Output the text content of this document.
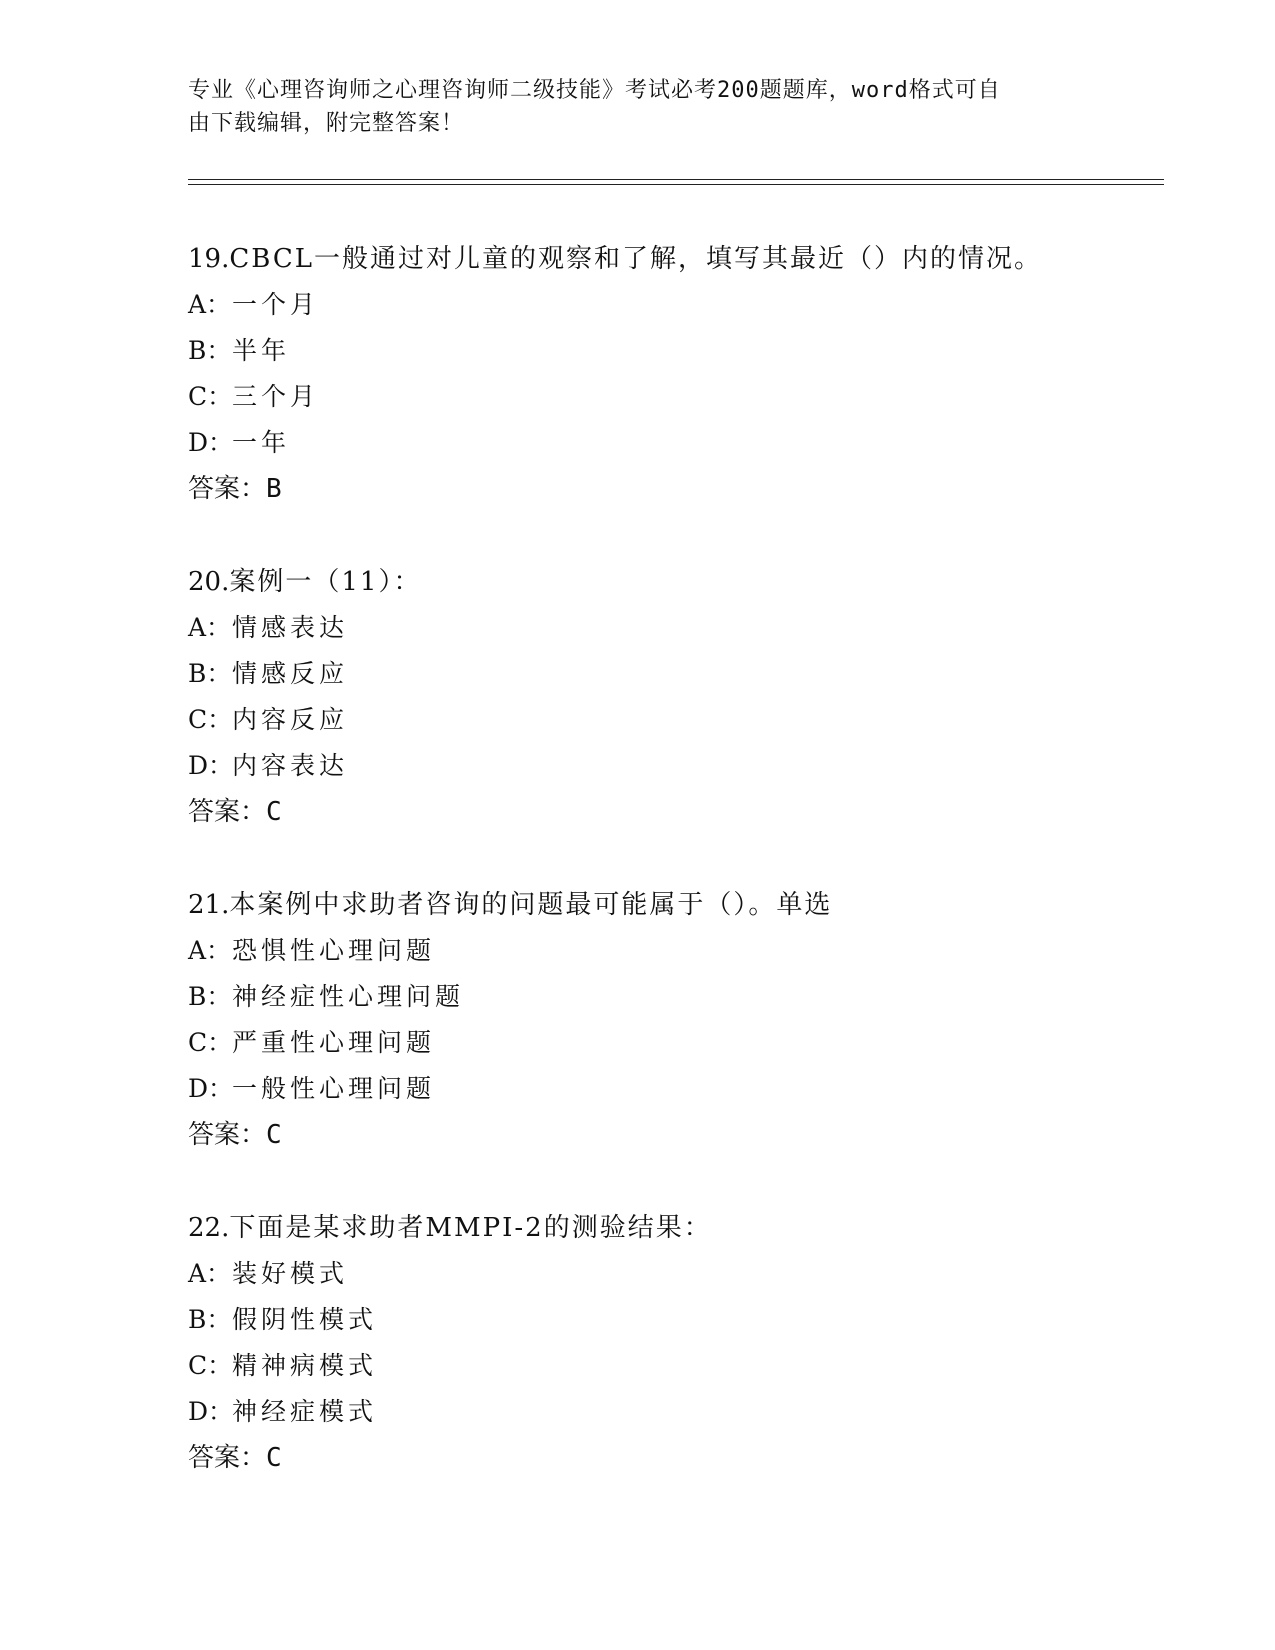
专业《心理咨询师之心理咨询师二级技能》考试必考200题题库，word格式可自
由下载编辑，附完整答案！
19.CBCL一般通过对儿童的观察和了解，填写其最近（）内的情况。
A： 一个月
B： 半年
C： 三个月
D：
一年
答案：B
20.案例一（11）：
A： 情感表达
B： 情感反应
C： 内容反应
D：
内容表达
答案：C
21.本案例中求助者咨询的问题最可能属于（）。单选
A： 恐惧性心理问题
B： 神经症性心理问题
C： 严重性心理问题
D：
一般性心理问题
答案：C
22.下面是某求助者MMPI-2的测验结果：
A： 装好模式
B： 假阴性模式
C： 精神病模式
D：
神经症模式
答案：C
